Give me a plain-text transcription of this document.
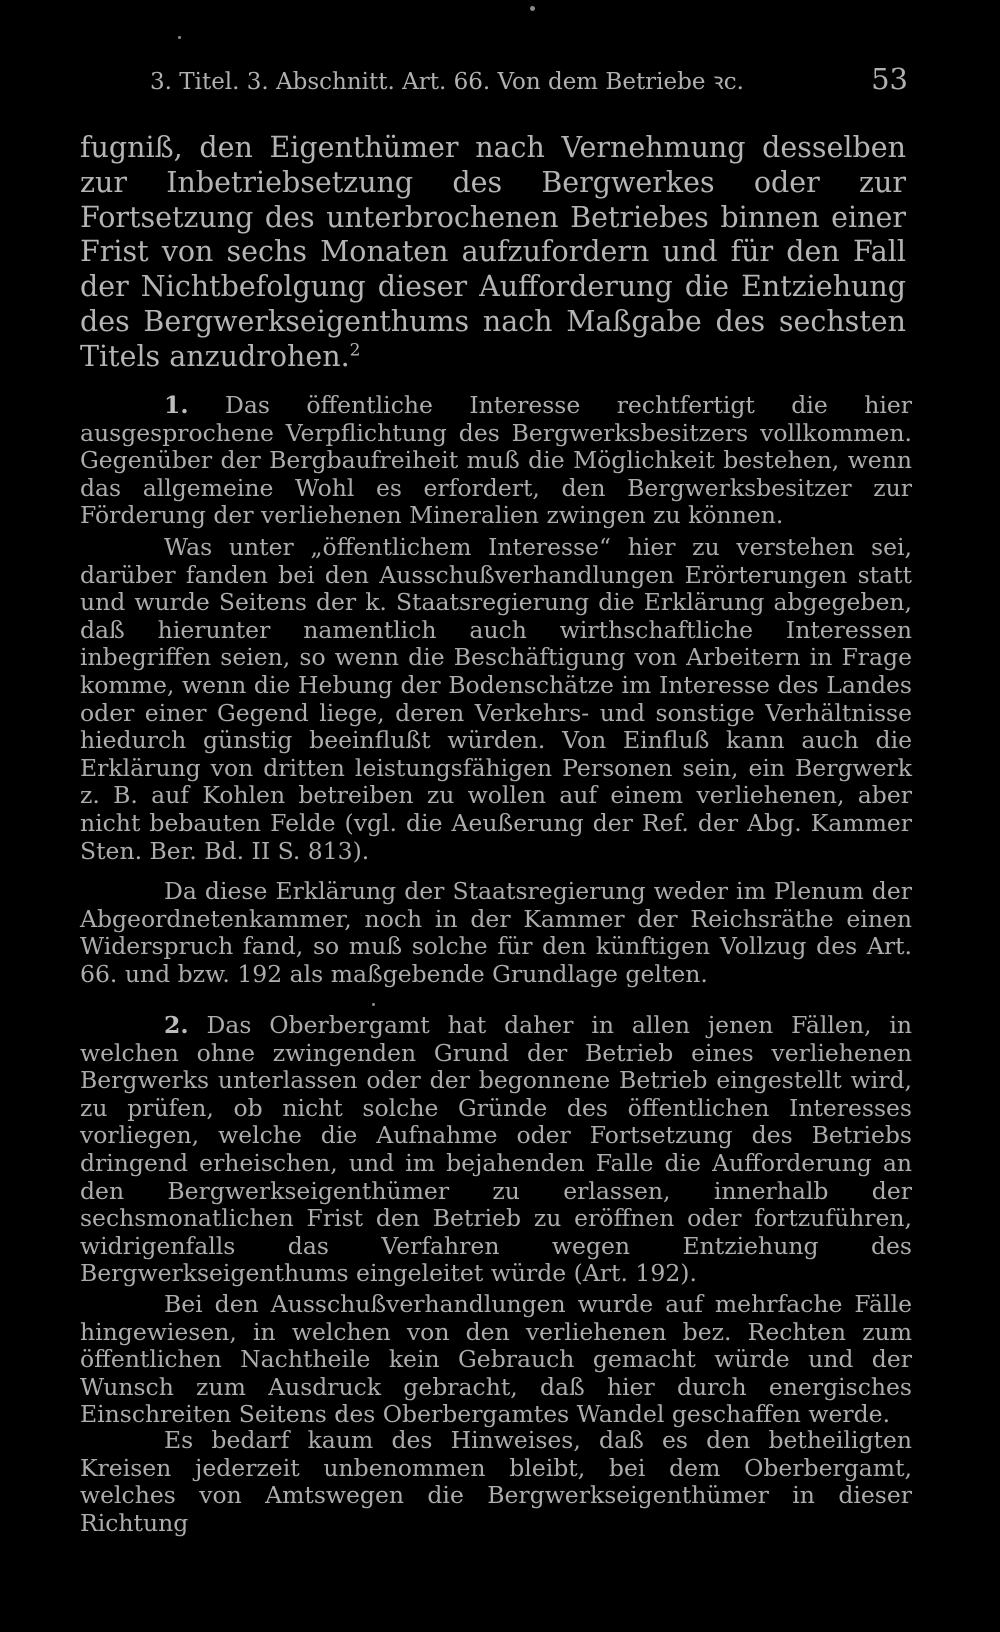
3. Titel. 3. Abschnitt. Art. 66. Von dem Betriebe ꝛc.	53
fugniß, den Eigenthümer nach Vernehmung desselben zur Inbetriebsetzung des Bergwerkes oder zur Fortsetzung des unterbrochenen Betriebes binnen einer Frist von sechs Monaten aufzufordern und für den Fall der Nichtbefolgung dieser Aufforderung die Entziehung des Bergwerkseigenthums nach Maßgabe des sechsten Titels anzudrohen.$^2$

1. Das öffentliche Interesse rechtfertigt die hier ausgesprochene Verpflichtung des Bergwerksbesitzers vollkommen. Gegenüber der Bergbaufreiheit muß die Möglichkeit bestehen, wenn das allgemeine Wohl es erfordert, den Bergwerksbesitzer zur Förderung der verliehenen Mineralien zwingen zu können.

Was unter „öffentlichem Interesse“ hier zu verstehen sei, darüber fanden bei den Ausschußverhandlungen Erörterungen statt und wurde Seitens der k. Staatsregierung die Erklärung abgegeben, daß hierunter namentlich auch wirthschaftliche Interessen inbegriffen seien, so wenn die Beschäftigung von Arbeitern in Frage komme, wenn die Hebung der Bodenschätze im Interesse des Landes oder einer Gegend liege, deren Verkehrs- und sonstige Verhältnisse hiedurch günstig beeinflußt würden. Von Einfluß kann auch die Erklärung von dritten leistungsfähigen Personen sein, ein Bergwerk z. B. auf Kohlen betreiben zu wollen auf einem verliehenen, aber nicht bebauten Felde (vgl. die Aeußerung der Ref. der Abg. Kammer Sten. Ber. Bd. II S. 813).

Da diese Erklärung der Staatsregierung weder im Plenum der Abgeordnetenkammer, noch in der Kammer der Reichsräthe einen Widerspruch fand, so muß solche für den künftigen Vollzug des Art. 66. und bzw. 192 als maßgebende Grundlage gelten.

2. Das Oberbergamt hat daher in allen jenen Fällen, in welchen ohne zwingenden Grund der Betrieb eines verliehenen Bergwerks unterlassen oder der begonnene Betrieb eingestellt wird, zu prüfen, ob nicht solche Gründe des öffentlichen Interesses vorliegen, welche die Aufnahme oder Fortsetzung des Betriebs dringend erheischen, und im bejahenden Falle die Aufforderung an den Bergwerkseigenthümer zu erlassen, innerhalb der sechsmonatlichen Frist den Betrieb zu eröffnen oder fortzuführen, widrigenfalls das Verfahren wegen Entziehung des Bergwerkseigenthums eingeleitet würde (Art. 192).

Bei den Ausschußverhandlungen wurde auf mehrfache Fälle hingewiesen, in welchen von den verliehenen bez. Rechten zum öffentlichen Nachtheile kein Gebrauch gemacht würde und der Wunsch zum Ausdruck gebracht, daß hier durch energisches Einschreiten Seitens des Oberbergamtes Wandel geschaffen werde.

Es bedarf kaum des Hinweises, daß es den betheiligten Kreisen jederzeit unbenommen bleibt, bei dem Oberbergamt, welches von Amtswegen die Bergwerkseigenthümer in dieser Richtung
